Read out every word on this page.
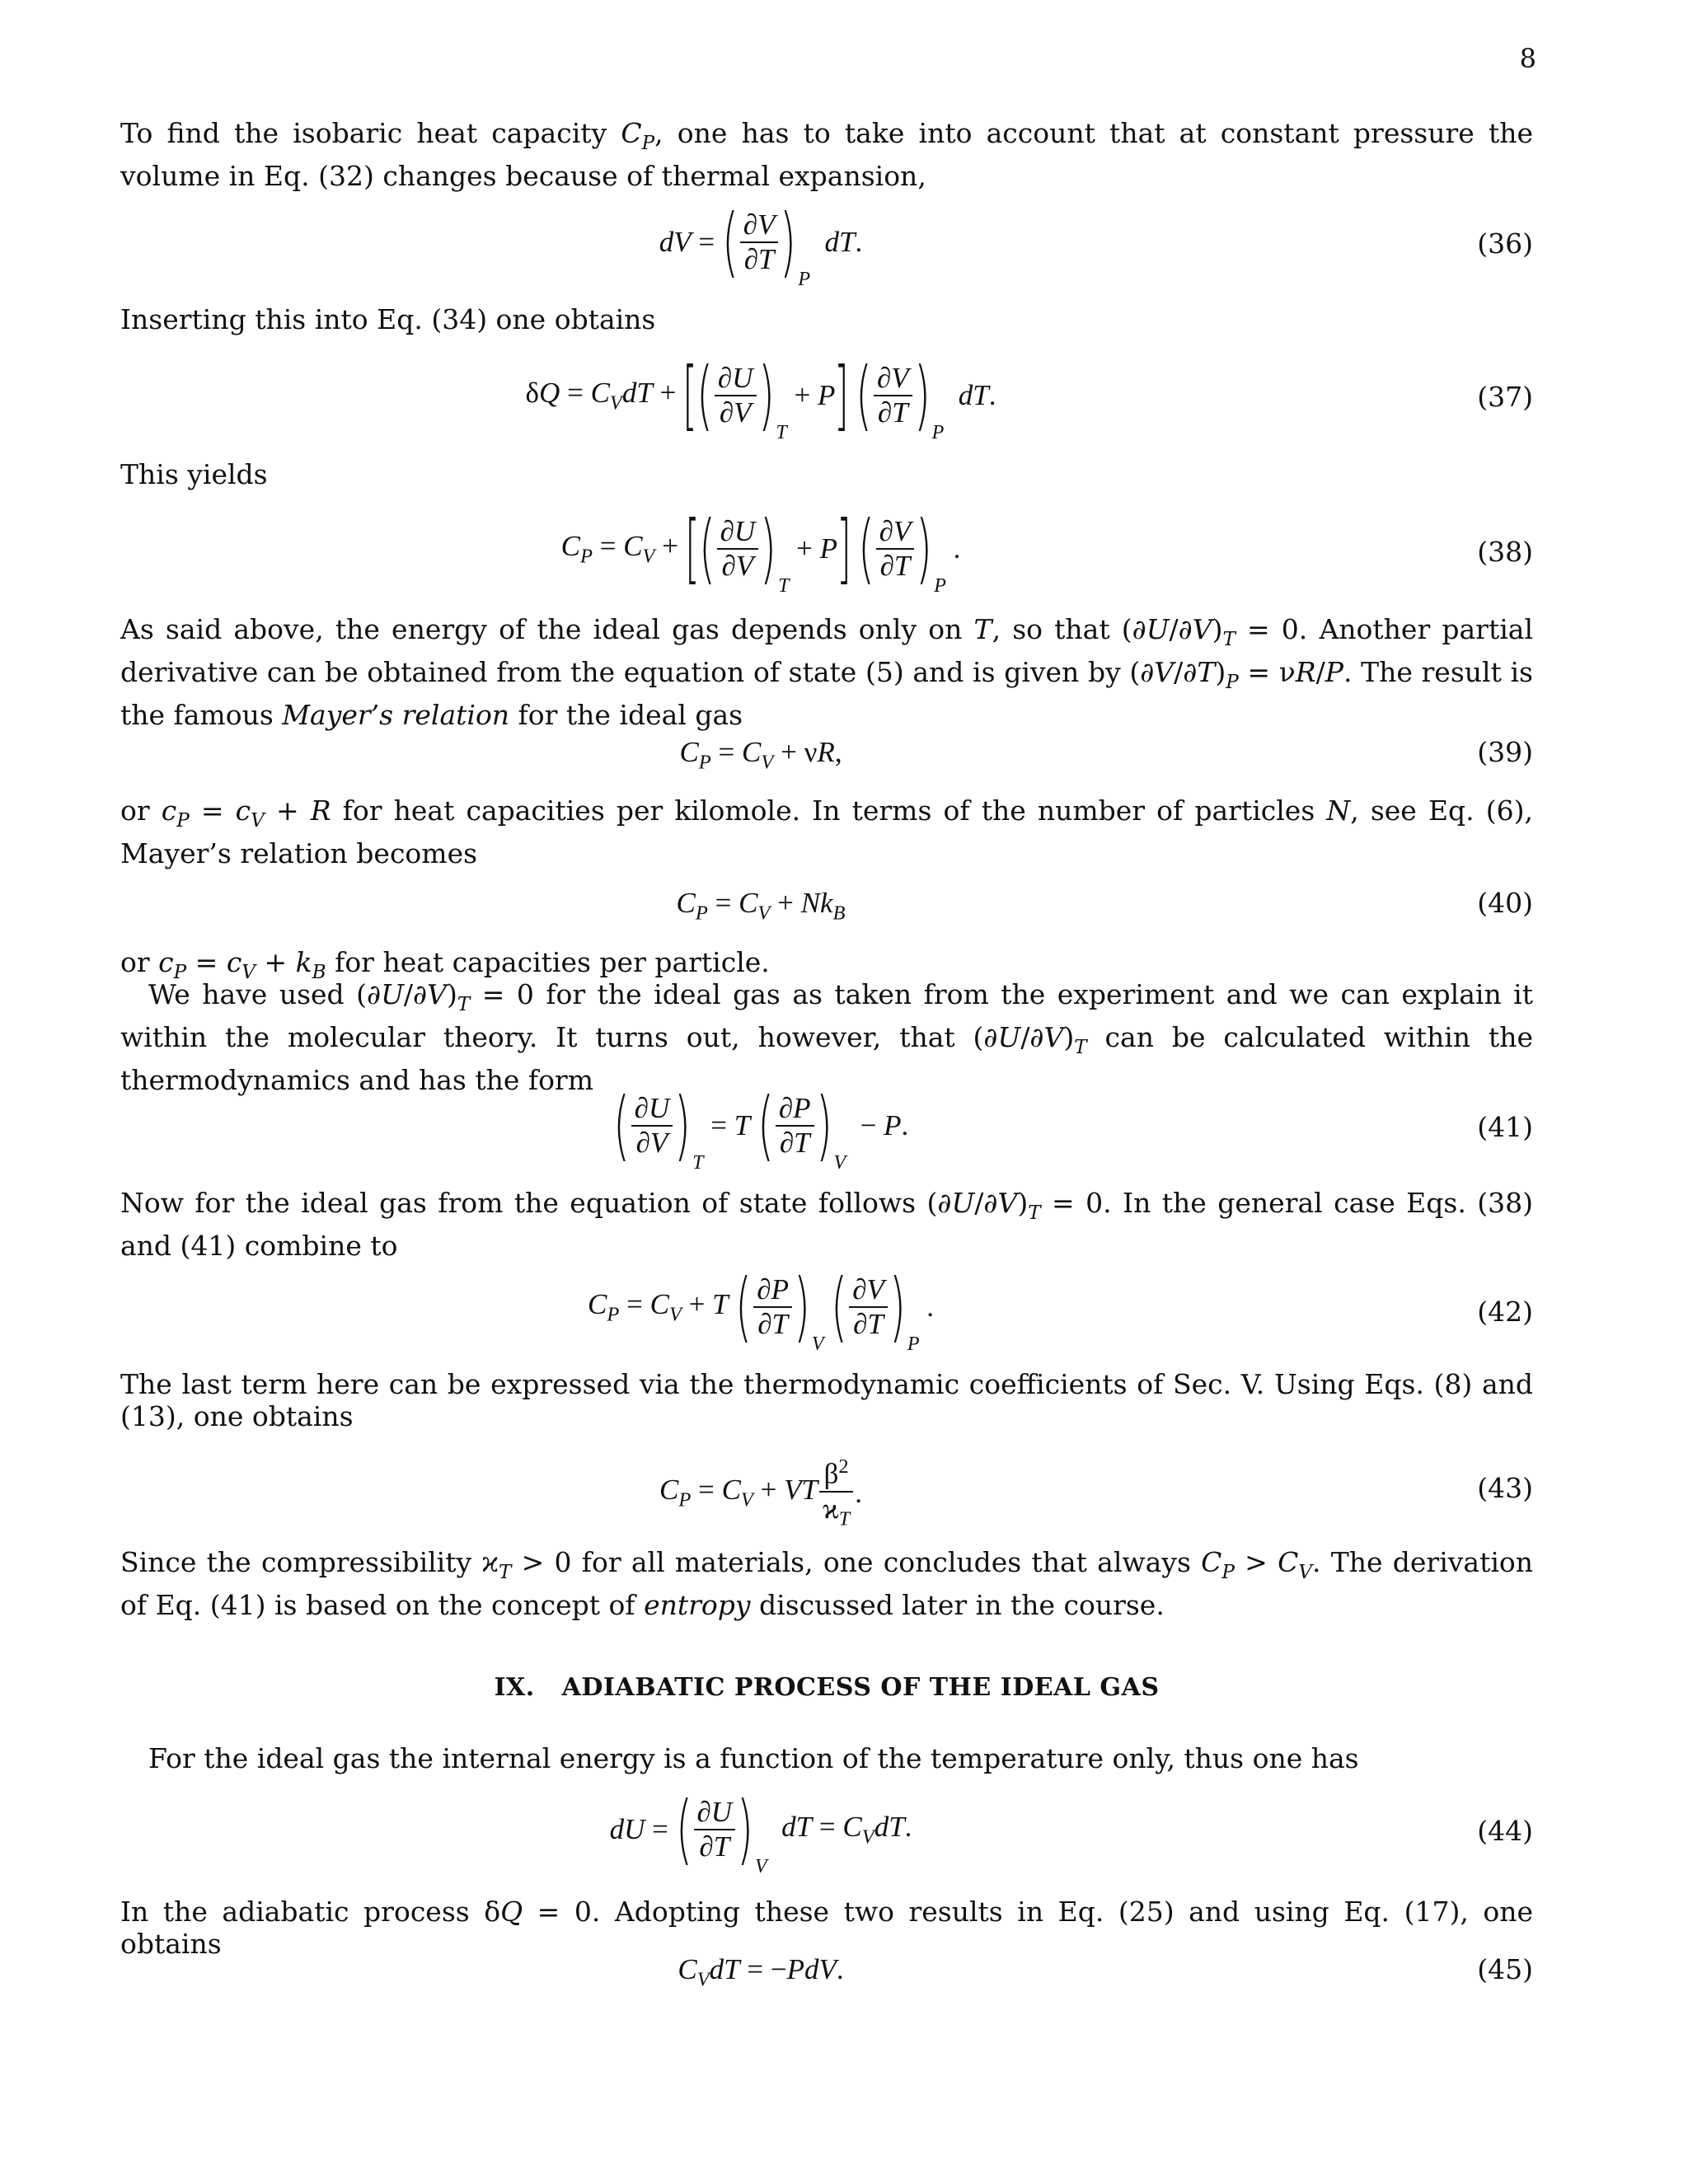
8
To find the isobaric heat capacity $C_P$, one has to take into account that at constant pressure the volume in Eq. (32) changes because of thermal expansion,
dV = ( $\frac{\partial V}{\partial T} )P$  dT.	(36)
Inserting this into Eq. (34) one obtains
$\delta Q = C_VdT$ + [( $\frac{\partial U}{\partial V} )T + P$] ( $\frac{\partial V}{\partial T} )P$  dT.	(37)
This yields
$C_P = C_V$ + [( $\frac{\partial U}{\partial V} )T + P$] ( $\frac{\partial V}{\partial T} )P$ .	(38)
As said above, the energy of the ideal gas depends only on T, so that $(\partial U/\partial V)_T = 0$. Another partial derivative can be obtained from the equation of state (5) and is given by $(\partial V/\partial T)_P = \nu R/P$. The result is the famous Mayer’s relation for the ideal gas
$C_P = C_V + \nu R$,	(39)
or $c_P = c_V + R$ for heat capacities per kilomole. In terms of the number of particles N, see Eq. (6), Mayer’s relation becomes
$C_P = C_V + Nk_B$	(40)
or $c_P = c_V + k_B$ for heat capacities per particle.
We have used $(\partial U/\partial V)_T = 0$ for the ideal gas as taken from the experiment and we can explain it within the molecular theory. It turns out, however, that $(\partial U/\partial V)_T$ can be calculated within the thermodynamics and has the form
( $\frac{\partial U}{\partial V} )T = T$ ( $\frac{\partial P}{\partial T} )V - P$.	(41)
Now for the ideal gas from the equation of state follows $(\partial U/\partial V)_T = 0$. In the general case Eqs. (38) and (41) combine to
$C_P = C_V + T$ ( $\frac{\partial P}{\partial T} )V$ ( $\frac{\partial V}{\partial T} )P$ .	(42)
The last term here can be expressed via the thermodynamic coefficients of Sec. V. Using Eqs. (8) and (13), one obtains
$C_P = C_V$ + VT $\frac{\beta^2}{ϰ_T}$ .	(43)
Since the compressibility $ϰ_T > 0$ for all materials, one concludes that always $C_P > C_V$. The derivation of Eq. (41) is based on the concept of entropy discussed later in the course.
IX. ADIABATIC PROCESS OF THE IDEAL GAS
For the ideal gas the internal energy is a function of the temperature only, thus one has
dU = ( $\frac{\partial U}{\partial T} )V$  dT = $C_VdT$.	(44)
In the adiabatic process δQ = 0. Adopting these two results in Eq. (25) and using Eq. (17), one obtains
$C_VdT = -PdV$.	(45)
